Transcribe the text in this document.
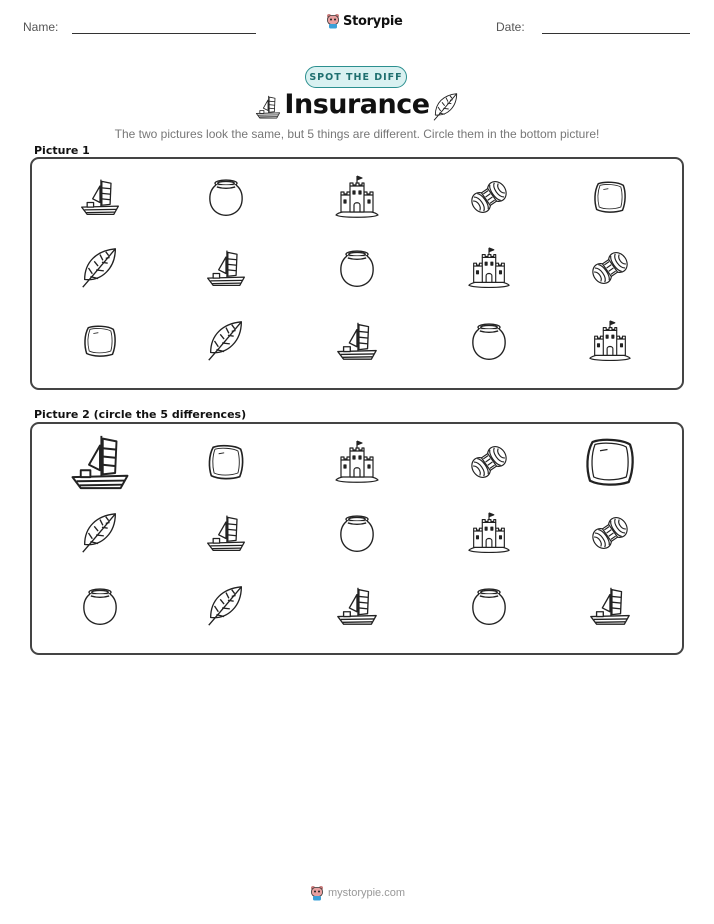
Name:	Storypie	Date:
SPOT THE DIFF
Insurance
The two pictures look the same, but 5 things are different. Circle them in the bottom picture!
Picture 1
Picture 2 (circle the 5 differences)
mystorypie.com
